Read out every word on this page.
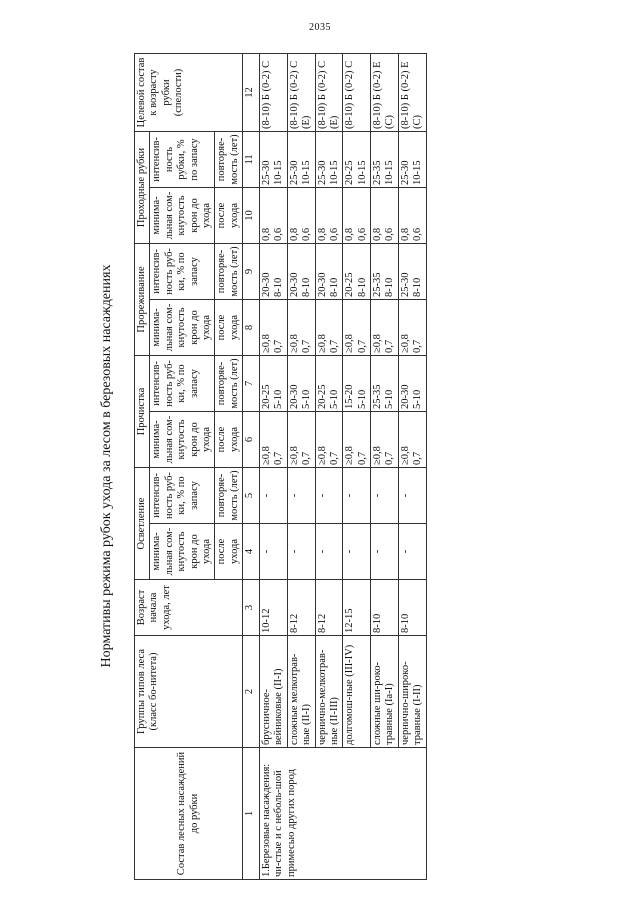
2035
Нормативы режима рубок ухода за лесом в березовых насаждениях
Состав лесных насаждений до рубки	Группы типов леса (класс бо-нитета)	Возраст начала ухода, лет	Осветление		Прочистка		Прореживание		Проходные рубки		Целевой состав к возрасту рубки (спелости)
			минима-льная сом-кнутость крон до ухода	интенсив-ность руб-ки, % по запасу	минима-льная сом-кнутость крон до ухода	интенсив-ность руб-ки, % по запасу	минима-льная сом-кнутость крон до ухода	интенсив-ность руб-ки, % по запасу	минима-льная сом-кнутость крон до ухода	интенсив-ность рубки, % по запасу	
			после ухода	повторяе-мость (лет)	после ухода	повторяе-мость (лет)	после ухода	повторяе-мость (лет)	после ухода	повторяе-мость (лет)	
1	2	3	4	5	6	7	8	9	10	11	12
1.Березовые насаждения: чи-стые и с неболь-шой примесью других пород	брусничное-вейниковые (II-I)	10-12	-	-	≥0,8 0,7	20-25 5-10	≥0,8 0,7	20-30 8-10	0,8 0,6	25-30 10-15	(8-10) Б (0-2) С
	сложные мелкотрав-ные (II-I)	8-12	-	-	≥0,8 0,7	20-30 5-10	≥0,8 0,7	20-30 8-10	0,8 0,6	25-30 10-15	(8-10) Б (0-2) С (Е)
	чернично-мелкотрав-ные (II-III)	8-12	-	-	≥0,8 0,7	20-25 5-10	≥0,8 0,7	20-30 8-10	0,8 0,6	25-30 10-15	(8-10) Б (0-2) С (Е)
	долгомош-ные (III-IV)	12-15	-	-	≥0,8 0,7	15-20 5-10	≥0,8 0,7	20-25 8-10	0,8 0,6	20-25 10-15	(8-10) Б (0-2) С
	сложные ши-роко-травные (Ia-I)	8-10	-	-	≥0,8 0,7	25-35 5-10	≥0,8 0,7	25-35 8-10	0,8 0,6	25-35 10-15	(8-10) Б (0-2) Е (С)
	чернично-широко-травные (I-II)	8-10	-	-	≥0,8 0,7	20-30 5-10	≥0,8 0,7	25-30 8-10	0,8 0,6	25-30 10-15	(8-10) Б (0-2) Е (С)
